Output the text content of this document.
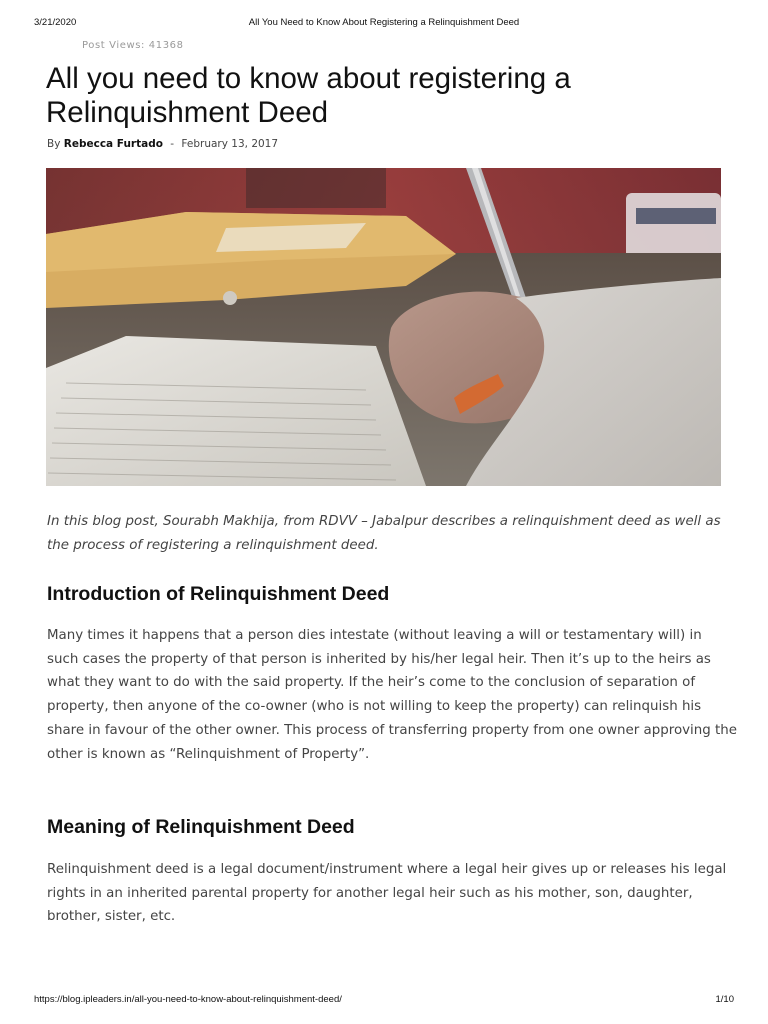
3/21/2020	All You Need to Know About Registering a Relinquishment Deed
Post Views: 41368
All you need to know about registering a Relinquishment Deed
By Rebecca Furtado - February 13, 2017

In this blog post, Sourabh Makhija, from RDVV – Jabalpur describes a relinquishment deed as well as the process of registering a relinquishment deed.

Introduction of Relinquishment Deed

Many times it happens that a person dies intestate (without leaving a will or testamentary will) in such cases the property of that person is inherited by his/her legal heir. Then it’s up to the heirs as what they want to do with the said property. If the heir’s come to the conclusion of separation of property, then anyone of the co-owner (who is not willing to keep the property) can relinquish his share in favour of the other owner. This process of transferring property from one owner approving the other is known as “Relinquishment of Property”.

Meaning of Relinquishment Deed

Relinquishment deed is a legal document/instrument where a legal heir gives up or releases his legal rights in an inherited parental property for another legal heir such as his mother, son, daughter, brother, sister, etc.

https://blog.ipleaders.in/all-you-need-to-know-about-relinquishment-deed/	1/10
